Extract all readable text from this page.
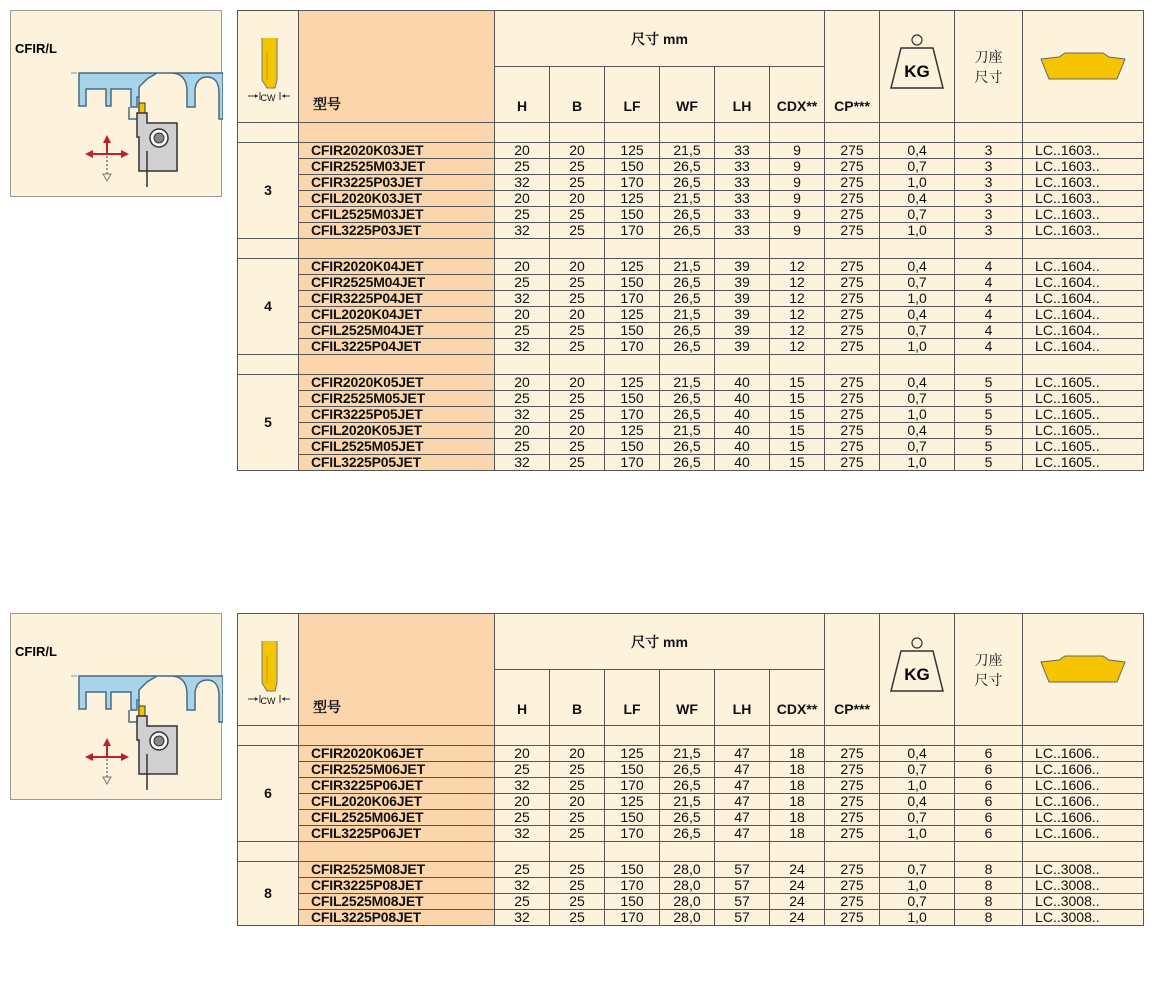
CFIR/L
CFIR/L
CW	型号	尺寸 mm						CP***	KG	刀座
尺寸

		H	B	LF	WF	LH	CDX**				

3	CFIR2020K03JET	20	20	125	21,5	33	9	275	0,4	3	LC..1603..
	CFIR2525M03JET	25	25	150	26,5	33	9	275	0,7	3	LC..1603..
	CFIR3225P03JET	32	25	170	26,5	33	9	275	1,0	3	LC..1603..
	CFIL2020K03JET	20	20	125	21,5	33	9	275	0,4	3	LC..1603..
	CFIL2525M03JET	25	25	150	26,5	33	9	275	0,7	3	LC..1603..
	CFIL3225P03JET	32	25	170	26,5	33	9	275	1,0	3	LC..1603..

4	CFIR2020K04JET	20	20	125	21,5	39	12	275	0,4	4	LC..1604..
	CFIR2525M04JET	25	25	150	26,5	39	12	275	0,7	4	LC..1604..
	CFIR3225P04JET	32	25	170	26,5	39	12	275	1,0	4	LC..1604..
	CFIL2020K04JET	20	20	125	21,5	39	12	275	0,4	4	LC..1604..
	CFIL2525M04JET	25	25	150	26,5	39	12	275	0,7	4	LC..1604..
	CFIL3225P04JET	32	25	170	26,5	39	12	275	1,0	4	LC..1604..

5	CFIR2020K05JET	20	20	125	21,5	40	15	275	0,4	5	LC..1605..
	CFIR2525M05JET	25	25	150	26,5	40	15	275	0,7	5	LC..1605..
	CFIR3225P05JET	32	25	170	26,5	40	15	275	1,0	5	LC..1605..
	CFIL2020K05JET	20	20	125	21,5	40	15	275	0,4	5	LC..1605..
	CFIL2525M05JET	25	25	150	26,5	40	15	275	0,7	5	LC..1605..
	CFIL3225P05JET	32	25	170	26,5	40	15	275	1,0	5	LC..1605..
CW	型号	尺寸 mm						CP***	KG	刀座
尺寸

		H	B	LF	WF	LH	CDX**				

6	CFIR2020K06JET	20	20	125	21,5	47	18	275	0,4	6	LC..1606..
	CFIR2525M06JET	25	25	150	26,5	47	18	275	0,7	6	LC..1606..
	CFIR3225P06JET	32	25	170	26,5	47	18	275	1,0	6	LC..1606..
	CFIL2020K06JET	20	20	125	21,5	47	18	275	0,4	6	LC..1606..
	CFIL2525M06JET	25	25	150	26,5	47	18	275	0,7	6	LC..1606..
	CFIL3225P06JET	32	25	170	26,5	47	18	275	1,0	6	LC..1606..

8	CFIR2525M08JET	25	25	150	28,0	57	24	275	0,7	8	LC..3008..
	CFIR3225P08JET	32	25	170	28,0	57	24	275	1,0	8	LC..3008..
	CFIL2525M08JET	25	25	150	28,0	57	24	275	0,7	8	LC..3008..
	CFIL3225P08JET	32	25	170	28,0	57	24	275	1,0	8	LC..3008..
